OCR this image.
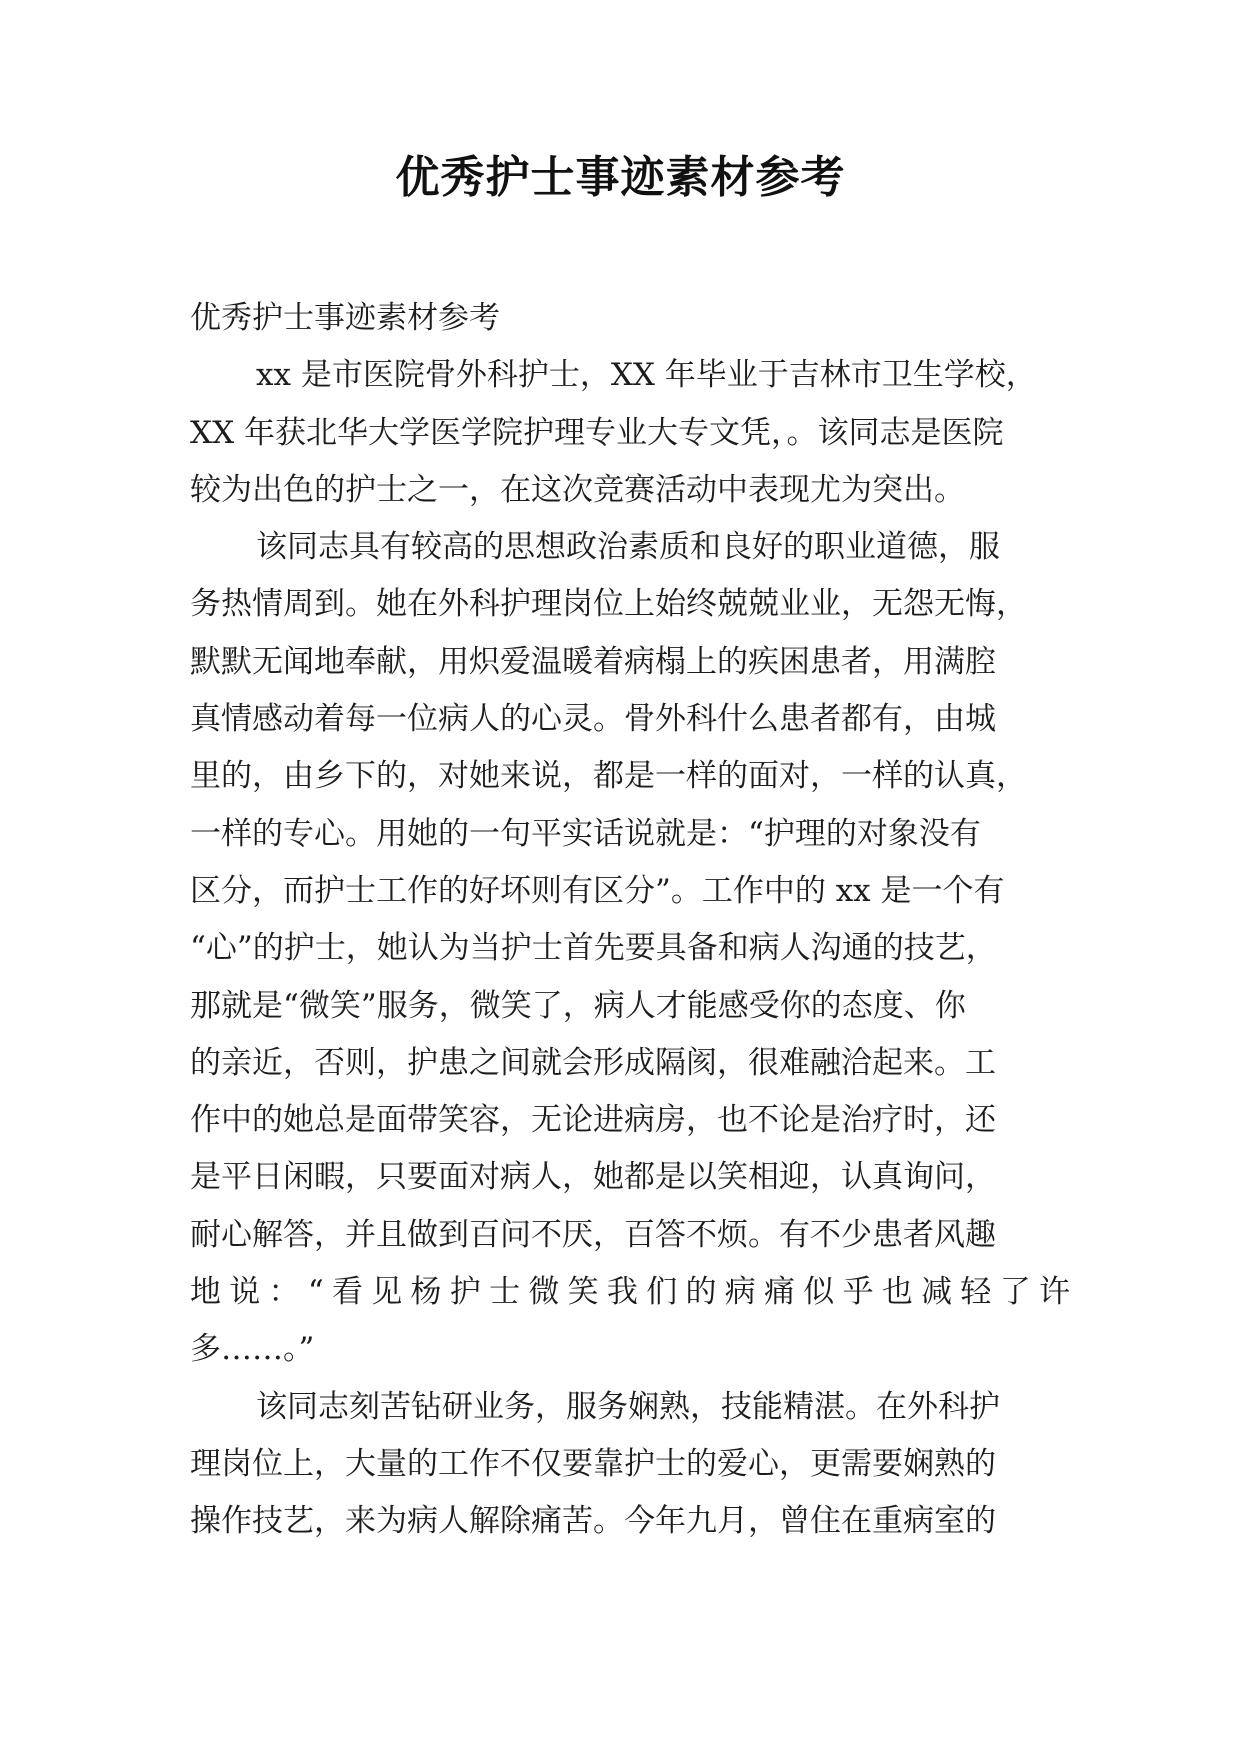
优秀护士事迹素材参考
优秀护士事迹素材参考
xx 是市医院骨外科护士，XX 年毕业于吉林市卫生学校，
XX 年获北华大学医学院护理专业大专文凭，。该同志是医院
较为出色的护士之一，在这次竞赛活动中表现尤为突出。
该同志具有较高的思想政治素质和良好的职业道德，服
务热情周到。她在外科护理岗位上始终兢兢业业，无怨无悔，
默默无闻地奉献，用炽爱温暖着病榻上的疾困患者，用满腔
真情感动着每一位病人的心灵。骨外科什么患者都有，由城
里的，由乡下的，对她来说，都是一样的面对，一样的认真，
一样的专心。用她的一句平实话说就是：“护理的对象没有
区分，而护士工作的好坏则有区分”。工作中的 xx 是一个有
“心”的护士，她认为当护士首先要具备和病人沟通的技艺，
那就是“微笑”服务，微笑了，病人才能感受你的态度、你
的亲近，否则，护患之间就会形成隔阂，很难融洽起来。工
作中的她总是面带笑容，无论进病房，也不论是治疗时，还
是平日闲暇，只要面对病人，她都是以笑相迎，认真询问，
耐心解答，并且做到百问不厌，百答不烦。有不少患者风趣
地说：“看见杨护士微笑我们的病痛似乎也减轻了许
多……。”
该同志刻苦钻研业务，服务娴熟，技能精湛。在外科护
理岗位上，大量的工作不仅要靠护士的爱心，更需要娴熟的
操作技艺，来为病人解除痛苦。今年九月，曾住在重病室的
